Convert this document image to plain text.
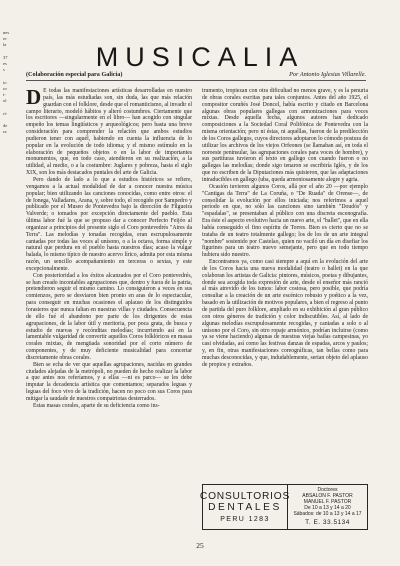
nes
re
la

37
es
s

io
ro
t-
ol

ri-

de
ra
MUSICALIA
(Colaboración especial para Galicia)	Por Antonio Iglesias Villarelle.

D E todas las manifestaciones artísticas desarrolladas en nuestro país, las más estudiadas son, sin duda, las que más relación guardan con el folklore, desde que el romanticismo, al invadir el campo literario, modeló hábitos y alteró costumbres. Ciertamente que los escritores —singularmente en el libro— han acogido con singular empeño los temas lingüísticos y arqueológicos; pero basta una breve consideración para comprender la relación que ambos estudios pudieron tener con aquél, habiendo en cuenta la influencia de lo popular en la evolución de todo idioma; y el mismo estímulo en la elaboración de pequeños objetos o en la labor de importantes monumentos, que, en todo caso, atendieron en su realización, a la utilidad, al medio, o a la costumbre: Juglares y pobreza, hasta el siglo XIX, son los más destacados puntales del arte de Galicia.

Pero dando de lado a lo que a estudios históricos se refiere, vengamos a la actual modalidad de dar a conocer nuestra música popular; bien utilizando las canciones conocidas, como entre otros: el de Ionega, Valladares, Arana, y, sobre todo, el recogido por Sampedro y publicado por el Museo de Pontevedra bajo la dirección de Filgueira Valverde; o tomados por excepción directamente del pueblo. Esta última labor fué la que se propuso dar a conocer Perfecto Feijóo al organizar a principios del presente siglo el Coro pontevedrés "Aires da Terra". Las melodías y tonadas recogidas, eran escrupulosamente cantadas por todas las voces al unísono, o a la octava, forma simple y natural que perdura en el pueblo hasta nuestros días; acaso la vulgar balada, lo mismo típico de nuestro acervo lírico, admita por esta misma razón, un sencillo acompañamiento en terceras o sextas, y este excepcionalmente.

Con posterioridad a los éxitos alcanzados por el Coro pontevedrés, se han creado incontables agrupaciones que, dentro y fuera de la patria, pretendieron seguir el mismo camino. Lo consiguieron a veces en sus comienzos, pero se desviaron bien pronto en aras de lo espectacular, para conseguir en muchas ocasiones el aplauso de los distinguidos forasteros que nunca faltan en nuestras villas y ciudades. Consecuencia de ello fué el abandono por parte de los dirigentes de estas agrupaciones, de la labor útil y meritoria, por poca grata, de busca y estudio de nuevas y recónditas melodías; incurriendo así en la lamentable vulgaridad de convertir aquellos Coros folklóricos en masas corales mixtas, de mengüada sonoridad por el corto número de componentes, y de muy deficiente musicalidad para concertar discretamente obras corales.

Bien se echa de ver que aquellas agrupaciones, nacidas en grandes ciudades alejadas de la metrópoli, no pueden de hecho realizar la labor a que antes nos referíamos, y a ellas —ni es parco— se les debe imputar la decadencia artística que comentamos; separados leguas y leguas del foco vivo de la tradición, hacen no poco con sus Coros para mitigar la saudade de nuestros compatriotas desterrados.

Estas masas corales, aparte de su deficiencia como ins-

trumento, tropiezan con otra dificultad no menos grave, y es la penuria de obras corales escritas para tales conjuntos. Antes del año 1925, el compositor coruñés José Doncel, había escrito y citado en Barcelona algunas obras populares gallegas con armonizaciones para voces mixtas. Desde aquella fecha, algunos autores han dedicado composiciones a la Sociedad Coral Polifónica de Pontevedra con la misma orientación; pero ni éstas, ni aquéllas, fueron de la predilección de los Coros gallegos, cuyos directores adoptaron lo cómodo postura de utilizar los archivos de los viejos Orfeones (se llamaban así, en toda el noroeste peninsular, las agrupaciones corales para voces de hombre), y sus partituras tuvieron el texto en gallego con cuando fueron o no gallegas las melodías; donde sigo tenaron se escribiría Iglés, y de los que no escriben de la Diputaciones más quisieron, que las adaptaciones intraducibles en gallego (uba, queda armoniosamente alegre y agria.

Ocasión tuvieron algunos Coros, allá por el año 20 —por ejemplo "Cantigas da Terra" de La Coruña, o "De Ruada" de Orense—, de consolidar la evolución por ellos iniciada; nos referimos a aquel período en que, no sólo las canciones sino también "Doudós" y "espadalas", se presentaban al público con una discreta escenografía. Era éste el aspecto evolutivo hacia un nuevo arte, el "ballet", que en ella había conseguido el fino espíritu de Torres. Bien es cierto que no se trataba de un teatro totalmente gallego; los de los de un arte integral "nombre" sostenido por Castelao, quien no vaciló un día en disefiar los figurines para un teatro nuevo semejante, pero que en todo tiempo hubiera sido nuestro.

Encontramos ya, como casi siempre a aquí en la evolución del arte de los Coros hacia una nueva modalidad (teatro o ballet) en la que colaboran los artistas de Galicia: pintores, músicos, poetas y dibujantes, donde sea acogida toda expresión de arte, desde el enseñor más ranció al más atrevido de los ismos: labor costosa, pero posible, que podría consultar a la creación de un arte escénico robusto y poético a la vez, basado en la utilización de motivos populares, a bien el regreso al punto de partida del puro folklore, ampliado en su exhibición al gran público con otros géneros de tradición y color indiscutibles. Así, al lado de algunas melodías escrupulosamente recogidas, y cantadas a solo o al unísono por el Coro, sin otro ropaje armónico, podrían incluirse (como ya se viene haciendo) algunas de nuestras viejas bailas campesinas, yo casi olvidadas, así como las festivas danzas de espadas, arcos y paulos; y, en fin, otras manifestaciones coreográficas, tan bellas como para muchas desconocidas, y que, indudablemente, serian objeto del aplauso de propios y extraños.

CONSULTORIOS
DENTALES
PERU 1283
Doctores
ABSALON F. PASTOR
MANUEL F. PASTOR
De 10 a 13 y 14 a 20
Sábados: de 10 a 13 y 14 a 17
T. E. 33.5134
25
